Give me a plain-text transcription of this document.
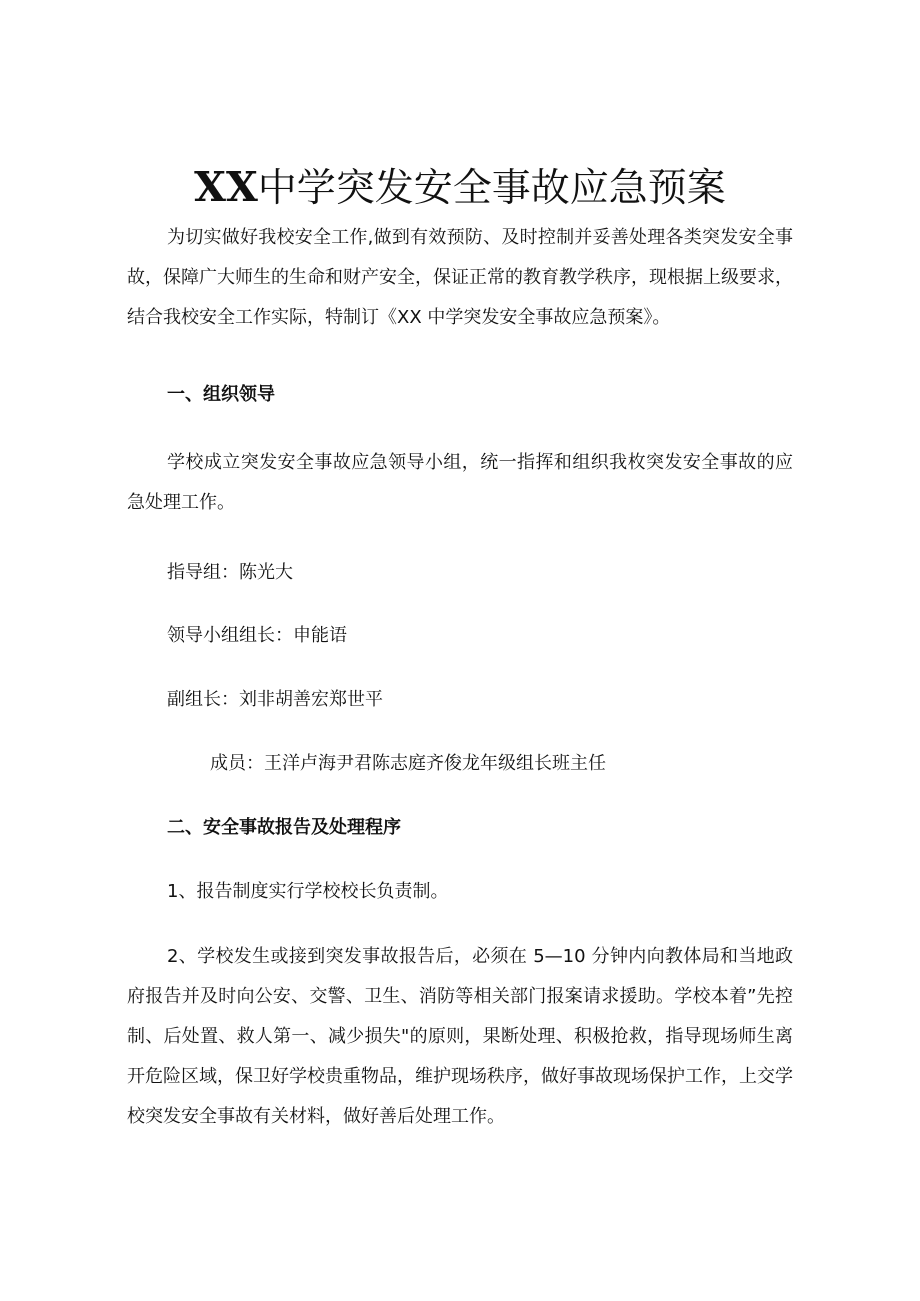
XX中学突发安全事故应急预案

为切实做好我校安全工作,做到有效预防、及时控制并妥善处理各类突发安全事故，保障广大师生的生命和财产安全，保证正常的教育教学秩序，现根据上级要求，结合我校安全工作实际，特制订《XX 中学突发安全事故应急预案》。

一、组织领导

学校成立突发安全事故应急领导小组，统一指挥和组织我枚突发安全事故的应急处理工作。

指导组：陈光大

领导小组组长：申能语

副组长：刘非胡善宏郑世平

成员：王洋卢海尹君陈志庭齐俊龙年级组长班主任

二、安全事故报告及处理程序

1、报告制度实行学校校长负责制。

2、学校发生或接到突发事故报告后，必须在 5—10 分钟内向教体局和当地政府报告并及时向公安、交警、卫生、消防等相关部门报案请求援助。学校本着”先控制、后处置、救人第一、减少损失"的原则，果断处理、积极抢救，指导现场师生离开危险区域，保卫好学校贵重物品，维护现场秩序，做好事故现场保护工作，上交学校突发安全事故有关材料，做好善后处理工作。
